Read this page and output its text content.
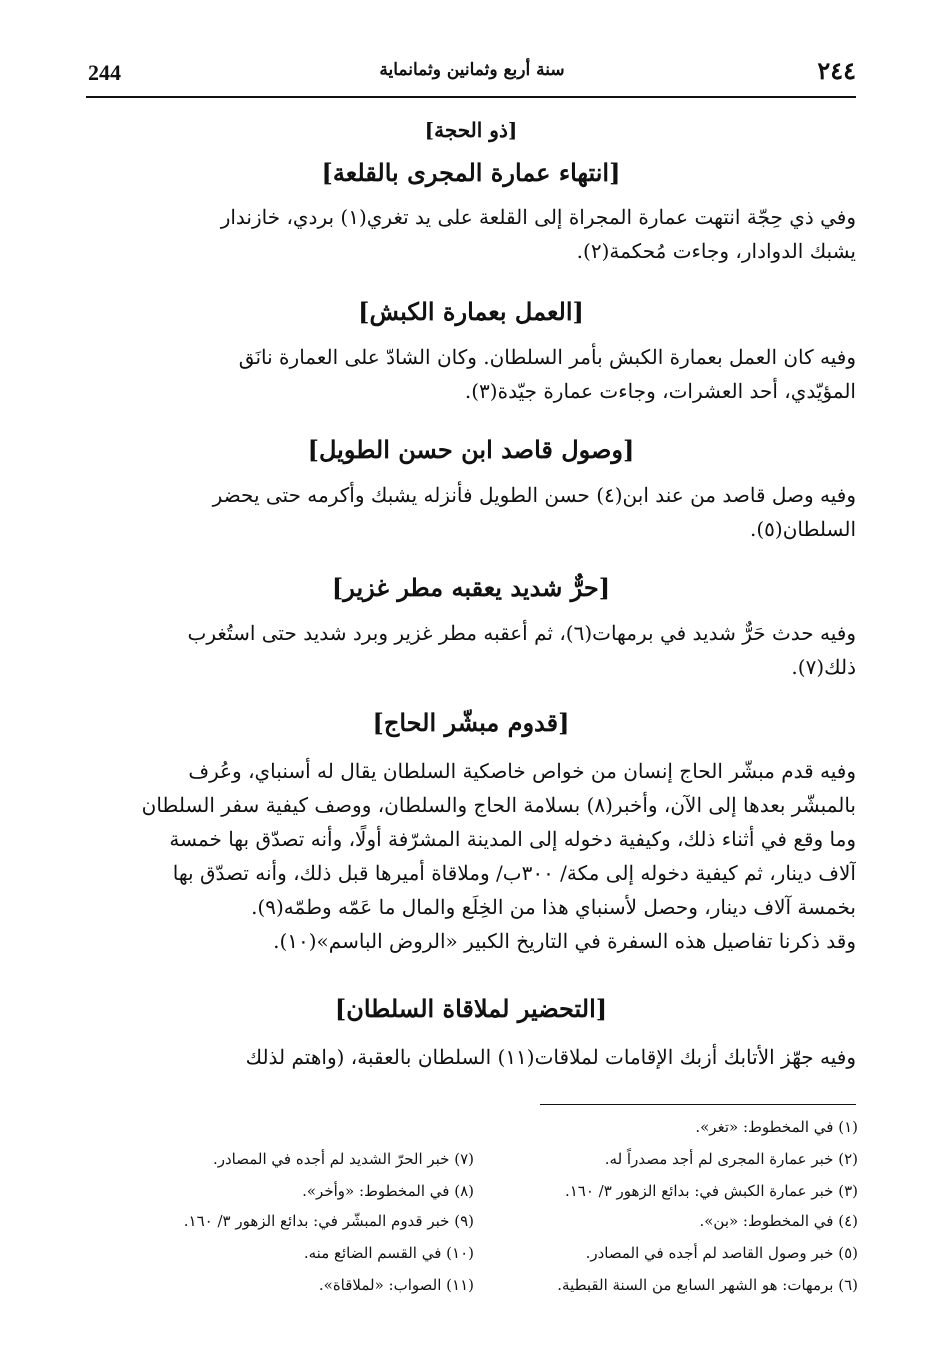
244	سنة أربع وثمانين وثمانماية	٢٤٤
[ذو الحجة]
[انتهاء عمارة المجرى بالقلعة]
وفي ذي حِجّة انتهت عمارة المجراة إلى القلعة على يد تغري(١) بردي، خازندار
يشبك الدوادار، وجاءت مُحكمة(٢).
[العمل بعمارة الكبش]
وفيه كان العمل بعمارة الكبش بأمر السلطان. وكان الشادّ على العمارة نانَق
المؤيّدي، أحد العشرات، وجاءت عمارة جيّدة(٣).
[وصول قاصد ابن حسن الطويل]
وفيه وصل قاصد من عند ابن(٤) حسن الطويل فأنزله يشبك وأكرمه حتى يحضر
السلطان(٥).
[حرٌّ شديد يعقبه مطر غزير]
وفيه حدث حَرٌّ شديد في برمهات(٦)، ثم أعقبه مطر غزير وبرد شديد حتى استُغرب
ذلك(٧).
[قدوم مبشّر الحاج]
وفيه قدم مبشّر الحاج إنسان من خواص خاصكية السلطان يقال له أسنباي، وعُرف
بالمبشّر بعدها إلى الآن، وأخبر(٨) بسلامة الحاج والسلطان، ووصف كيفية سفر السلطان
وما وقع في أثناء ذلك، وكيفية دخوله إلى المدينة المشرّفة أولًا، وأنه تصدّق بها خمسة
آلاف دينار، ثم كيفية دخوله إلى مكة/ ٣٠٠ب/ وملاقاة أميرها قبل ذلك، وأنه تصدّق بها
بخمسة آلاف دينار، وحصل لأسنباي هذا من الخِلَع والمال ما عَمّه وطمّه(٩).
وقد ذكرنا تفاصيل هذه السفرة في التاريخ الكبير «الروض الباسم»(١٠).
[التحضير لملاقاة السلطان]
وفيه جهّز الأتابك أزبك الإقامات لملاقات(١١) السلطان بالعقبة، (واهتم لذلك
(١) في المخطوط: «تغر».
(٢) خبر عمارة المجرى لم أجد مصدراً له.
(٣) خبر عمارة الكبش في: بدائع الزهور ٣/ ١٦٠.
(٤) في المخطوط: «بن».
(٥) خبر وصول القاصد لم أجده في المصادر.
(٦) برمهات: هو الشهر السابع من السنة القبطية.
(٧) خبر الحرّ الشديد لم أجده في المصادر.
(٨) في المخطوط: «وأخر».
(٩) خبر قدوم المبشّر في: بدائع الزهور ٣/ ١٦٠.
(١٠) في القسم الضائع منه.
(١١) الصواب: «لملاقاة».
